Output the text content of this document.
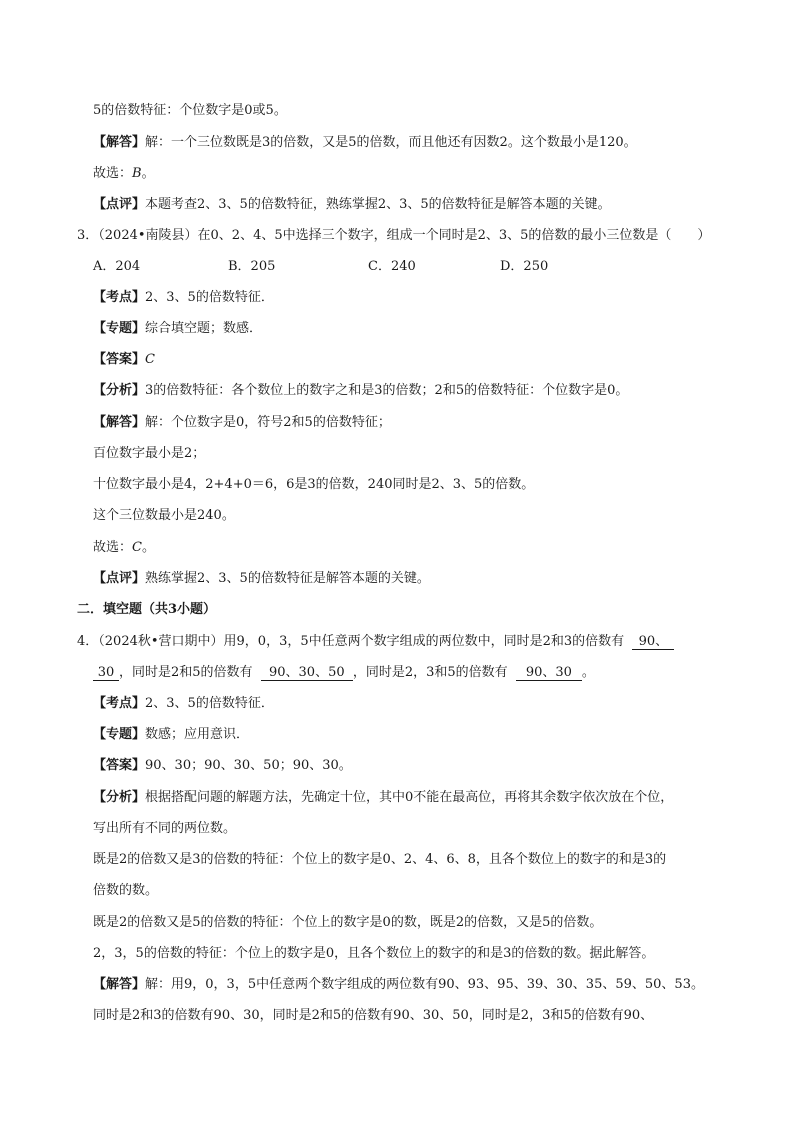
5的倍数特征：个位数字是0或5。
【解答】解：一个三位数既是3的倍数，又是5的倍数，而且他还有因数2。这个数最小是120。
故选：B。
【点评】本题考查2、3、5的倍数特征，熟练掌握2、3、5的倍数特征是解答本题的关键。
3．（2024•南陵县）在0、2、4、5中选择三个数字，组成一个同时是2、3、5的倍数的最小三位数是（　　）
A．204	B．205	C．240	D．250
【考点】2、3、5的倍数特征．
【专题】综合填空题；数感．
【答案】C
【分析】3的倍数特征：各个数位上的数字之和是3的倍数；2和5的倍数特征：个位数字是0。
【解答】解：个位数字是0，符号2和5的倍数特征；
百位数字最小是2；
十位数字最小是4，2+4+0＝6，6是3的倍数，240同时是2、3、5的倍数。
这个三位数最小是240。
故选：C。
【点评】熟练掌握2、3、5的倍数特征是解答本题的关键。
二．填空题（共3小题）
4．（2024秋•营口期中）用9，0，3，5中任意两个数字组成的两位数中，同时是2和3的倍数有 90、
30 ，同时是2和5的倍数有 90、30、50 ，同时是2，3和5的倍数有 90、30 。
【考点】2、3、5的倍数特征．
【专题】数感；应用意识．
【答案】90、30；90、30、50；90、30。
【分析】根据搭配问题的解题方法，先确定十位，其中0不能在最高位，再将其余数字依次放在个位，
写出所有不同的两位数。
既是2的倍数又是3的倍数的特征：个位上的数字是0、2、4、6、8，且各个数位上的数字的和是3的
倍数的数。
既是2的倍数又是5的倍数的特征：个位上的数字是0的数，既是2的倍数，又是5的倍数。
2，3，5的倍数的特征：个位上的数字是0，且各个数位上的数字的和是3的倍数的数。据此解答。
【解答】解：用9，0，3，5中任意两个数字组成的两位数有90、93、95、39、30、35、59、50、53。
同时是2和3的倍数有90、30，同时是2和5的倍数有90、30、50，同时是2，3和5的倍数有90、
